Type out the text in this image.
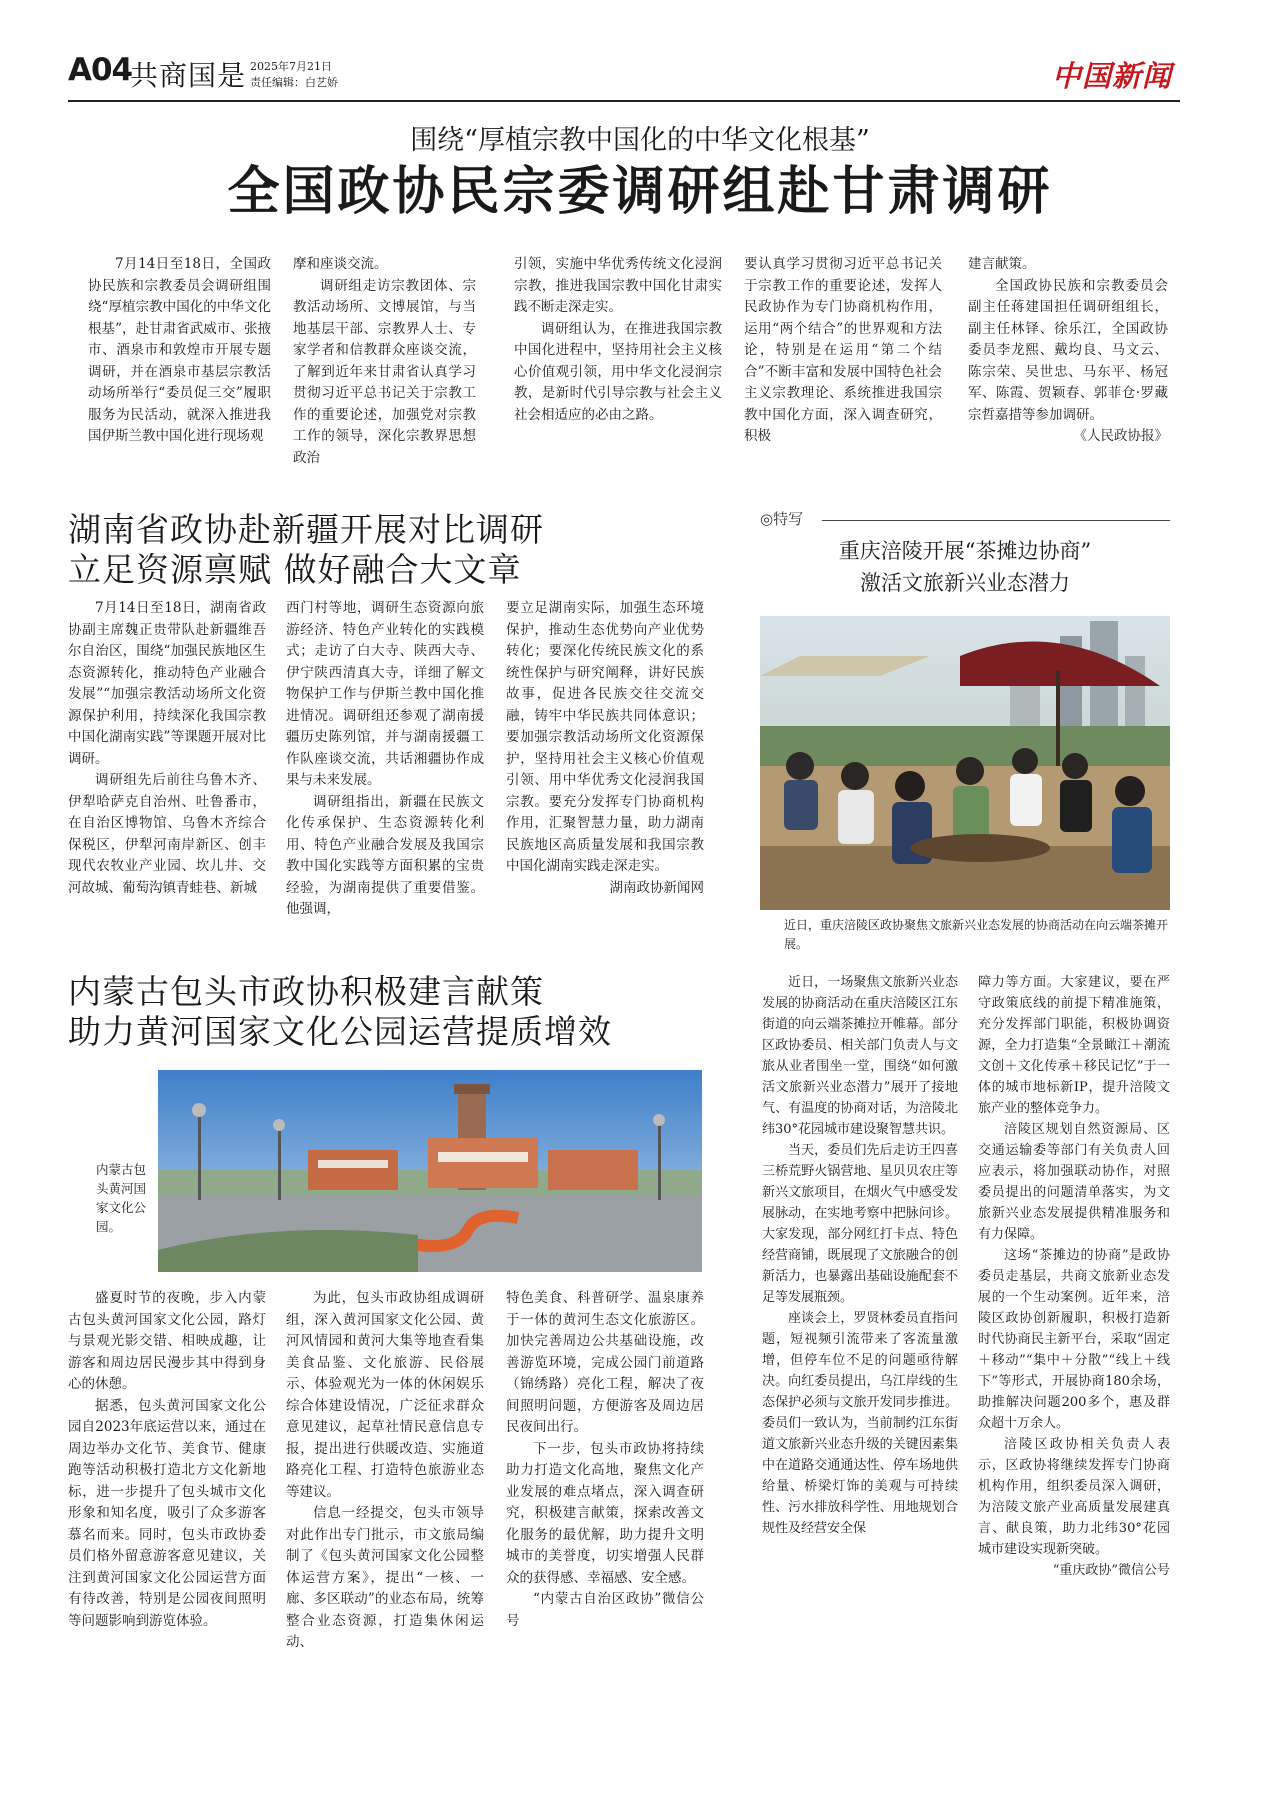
A04
共商国是 2025年7月21日
责任编辑：白艺娇	中国新闻
围绕“厚植宗教中国化的中华文化根基”
全国政协民宗委调研组赴甘肃调研

7月14日至18日，全国政协民族和宗教委员会调研组围绕“厚植宗教中国化的中华文化根基”，赴甘肃省武威市、张掖市、酒泉市和敦煌市开展专题调研，并在酒泉市基层宗教活动场所举行“委员促三交”履职服务为民活动，就深入推进我国伊斯兰教中国化进行现场观

摩和座谈交流。

调研组走访宗教团体、宗教活动场所、文博展馆，与当地基层干部、宗教界人士、专家学者和信教群众座谈交流，了解到近年来甘肃省认真学习贯彻习近平总书记关于宗教工作的重要论述，加强党对宗教工作的领导，深化宗教界思想政治

引领，实施中华优秀传统文化浸润宗教，推进我国宗教中国化甘肃实践不断走深走实。

调研组认为，在推进我国宗教中国化进程中，坚持用社会主义核心价值观引领，用中华文化浸润宗教，是新时代引导宗教与社会主义社会相适应的必由之路。

要认真学习贯彻习近平总书记关于宗教工作的重要论述，发挥人民政协作为专门协商机构作用，运用“两个结合”的世界观和方法论，特别是在运用“第二个结合”不断丰富和发展中国特色社会主义宗教理论、系统推进我国宗教中国化方面，深入调查研究，积极

建言献策。

全国政协民族和宗教委员会副主任蒋建国担任调研组组长，副主任林铎、徐乐江，全国政协委员李龙熙、戴均良、马文云、陈宗荣、吴世忠、马东平、杨冠军、陈霞、贺颖春、郭菲仓·罗藏宗哲嘉措等参加调研。

《人民政协报》
湖南省政协赴新疆开展对比调研
立足资源禀赋 做好融合大文章

7月14日至18日，湖南省政协副主席魏正贵带队赴新疆维吾尔自治区，围绕“加强民族地区生态资源转化，推动特色产业融合发展”“加强宗教活动场所文化资源保护利用，持续深化我国宗教中国化湖南实践”等课题开展对比调研。

调研组先后前往乌鲁木齐、伊犁哈萨克自治州、吐鲁番市，在自治区博物馆、乌鲁木齐综合保税区，伊犁河南岸新区、创丰现代农牧业产业园、坎儿井、交河故城、葡萄沟镇青蛙巷、新城

西门村等地，调研生态资源向旅游经济、特色产业转化的实践模式；走访了白大寺、陕西大寺、伊宁陕西清真大寺，详细了解文物保护工作与伊斯兰教中国化推进情况。调研组还参观了湖南援疆历史陈列馆，并与湖南援疆工作队座谈交流，共话湘疆协作成果与未来发展。

调研组指出，新疆在民族文化传承保护、生态资源转化利用、特色产业融合发展及我国宗教中国化实践等方面积累的宝贵经验，为湖南提供了重要借鉴。他强调，

要立足湖南实际，加强生态环境保护，推动生态优势向产业优势转化；要深化传统民族文化的系统性保护与研究阐释，讲好民族故事，促进各民族交往交流交融，铸牢中华民族共同体意识；要加强宗教活动场所文化资源保护，坚持用社会主义核心价值观引领、用中华优秀文化浸润我国宗教。要充分发挥专门协商机构作用，汇聚智慧力量，助力湖南民族地区高质量发展和我国宗教中国化湖南实践走深走实。

湖南政协新闻网
◎特写
重庆涪陵开展“茶摊边协商”
激活文旅新兴业态潜力
近日，重庆涪陵区政协聚焦文旅新兴业态发展的协商活动在向云端茶摊开展。

近日，一场聚焦文旅新兴业态发展的协商活动在重庆涪陵区江东街道的向云端茶摊拉开帷幕。部分区政协委员、相关部门负责人与文旅从业者围坐一堂，围绕“如何激活文旅新兴业态潜力”展开了接地气、有温度的协商对话，为涪陵北纬30°花园城市建设聚智慧共识。

当天，委员们先后走访王四喜三桥荒野火锅营地、星贝贝农庄等新兴文旅项目，在烟火气中感受发展脉动，在实地考察中把脉问诊。大家发现，部分网红打卡点、特色经营商铺，既展现了文旅融合的创新活力，也暴露出基础设施配套不足等发展瓶颈。

座谈会上，罗贤林委员直指问题，短视频引流带来了客流量激增，但停车位不足的问题亟待解决。向红委员提出，乌江岸线的生态保护必须与文旅开发同步推进。委员们一致认为，当前制约江东街道文旅新兴业态升级的关键因素集中在道路交通通达性、停车场地供给量、桥梁灯饰的美观与可持续性、污水排放科学性、用地规划合规性及经营安全保

障力等方面。大家建议，要在严守政策底线的前提下精准施策，充分发挥部门职能，积极协调资源，全力打造集“全景瞰江＋潮流文创＋文化传承＋移民记忆”于一体的城市地标新IP，提升涪陵文旅产业的整体竞争力。

涪陵区规划自然资源局、区交通运输委等部门有关负责人回应表示，将加强联动协作，对照委员提出的问题清单落实，为文旅新兴业态发展提供精准服务和有力保障。

这场“茶摊边的协商”是政协委员走基层，共商文旅新业态发展的一个生动案例。近年来，涪陵区政协创新履职，积极打造新时代协商民主新平台，采取“固定＋移动”“集中＋分散”“线上＋线下”等形式，开展协商180余场，助推解决问题200多个，惠及群众超十万余人。

涪陵区政协相关负责人表示，区政协将继续发挥专门协商机构作用，组织委员深入调研，为涪陵文旅产业高质量发展建真言、献良策，助力北纬30°花园城市建设实现新突破。

“重庆政协”微信公号
内蒙古包头市政协积极建言献策
助力黄河国家文化公园运营提质增效
内蒙古包头黄河国家文化公园。

盛夏时节的夜晚，步入内蒙古包头黄河国家文化公园，路灯与景观光影交错、相映成趣，让游客和周边居民漫步其中得到身心的休憩。

据悉，包头黄河国家文化公园自2023年底运营以来，通过在周边举办文化节、美食节、健康跑等活动积极打造北方文化新地标，进一步提升了包头城市文化形象和知名度，吸引了众多游客慕名而来。同时，包头市政协委员们格外留意游客意见建议，关注到黄河国家文化公园运营方面有待改善，特别是公园夜间照明等问题影响到游览体验。

为此，包头市政协组成调研组，深入黄河国家文化公园、黄河风情园和黄河大集等地查看集美食品鉴、文化旅游、民俗展示、体验观光为一体的休闲娱乐综合体建设情况，广泛征求群众意见建议，起草社情民意信息专报，提出进行供暖改造、实施道路亮化工程、打造特色旅游业态等建议。

信息一经提交，包头市领导对此作出专门批示，市文旅局编制了《包头黄河国家文化公园整体运营方案》，提出“一核、一廊、多区联动”的业态布局，统筹整合业态资源，打造集休闲运动、

特色美食、科普研学、温泉康养于一体的黄河生态文化旅游区。加快完善周边公共基础设施，改善游览环境，完成公园门前道路（锦绣路）亮化工程，解决了夜间照明问题，方便游客及周边居民夜间出行。

下一步，包头市政协将持续助力打造文化高地，聚焦文化产业发展的难点堵点，深入调查研究，积极建言献策，探索改善文化服务的最优解，助力提升文明城市的美誉度，切实增强人民群众的获得感、幸福感、安全感。

“内蒙古自治区政协”微信公号
